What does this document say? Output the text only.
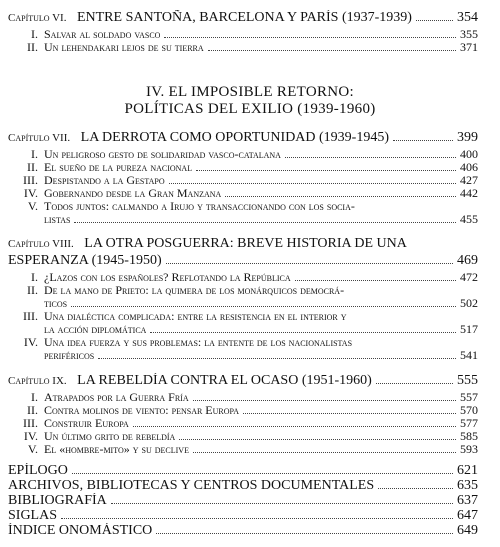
Capítulo VI. ENTRE SANTOÑA, BARCELONA Y PARÍS (1937-1939)	354
I. Salvar al soldado vasco	355
II. Un lehendakari lejos de su tierra	371
IV. EL IMPOSIBLE RETORNO:
POLÍTICAS DEL EXILIO (1939-1960)
Capítulo VII. LA DERROTA COMO OPORTUNIDAD (1939-1945)	399
I. Un peligroso gesto de solidaridad vasco-catalana	400
II. El sueño de la pureza nacional	406
III. Despistando a la Gestapo	427
IV. Gobernando desde la Gran Manzana	442
V. Todos juntos: calmando a Irujo y transaccionando con los socia-
listas	455
Capítulo VIII. LA OTRA POSGUERRA: BREVE HISTORIA DE UNA
ESPERANZA (1945-1950)	469
I. ¿Lazos con los españoles? Reflotando la República	472
II. De la mano de Prieto: la quimera de los monárquicos democrá-
ticos	502
III. Una dialéctica complicada: entre la resistencia en el interior y
la acción diplomática	517
IV. Una idea fuerza y sus problemas: la entente de los nacionalistas
periféricos	541
Capítulo IX. LA REBELDÍA CONTRA EL OCASO (1951-1960)	555
I. Atrapados por la Guerra Fría	557
II. Contra molinos de viento: pensar Europa	570
III. Construir Europa	577
IV. Un último grito de rebeldía	585
V. El «hombre-mito» y su declive	593
EPÍLOGO	621
ARCHIVOS, BIBLIOTECAS Y CENTROS DOCUMENTALES	635
BIBLIOGRAFÍA	637
SIGLAS	647
ÍNDICE ONOMÁSTICO	649
